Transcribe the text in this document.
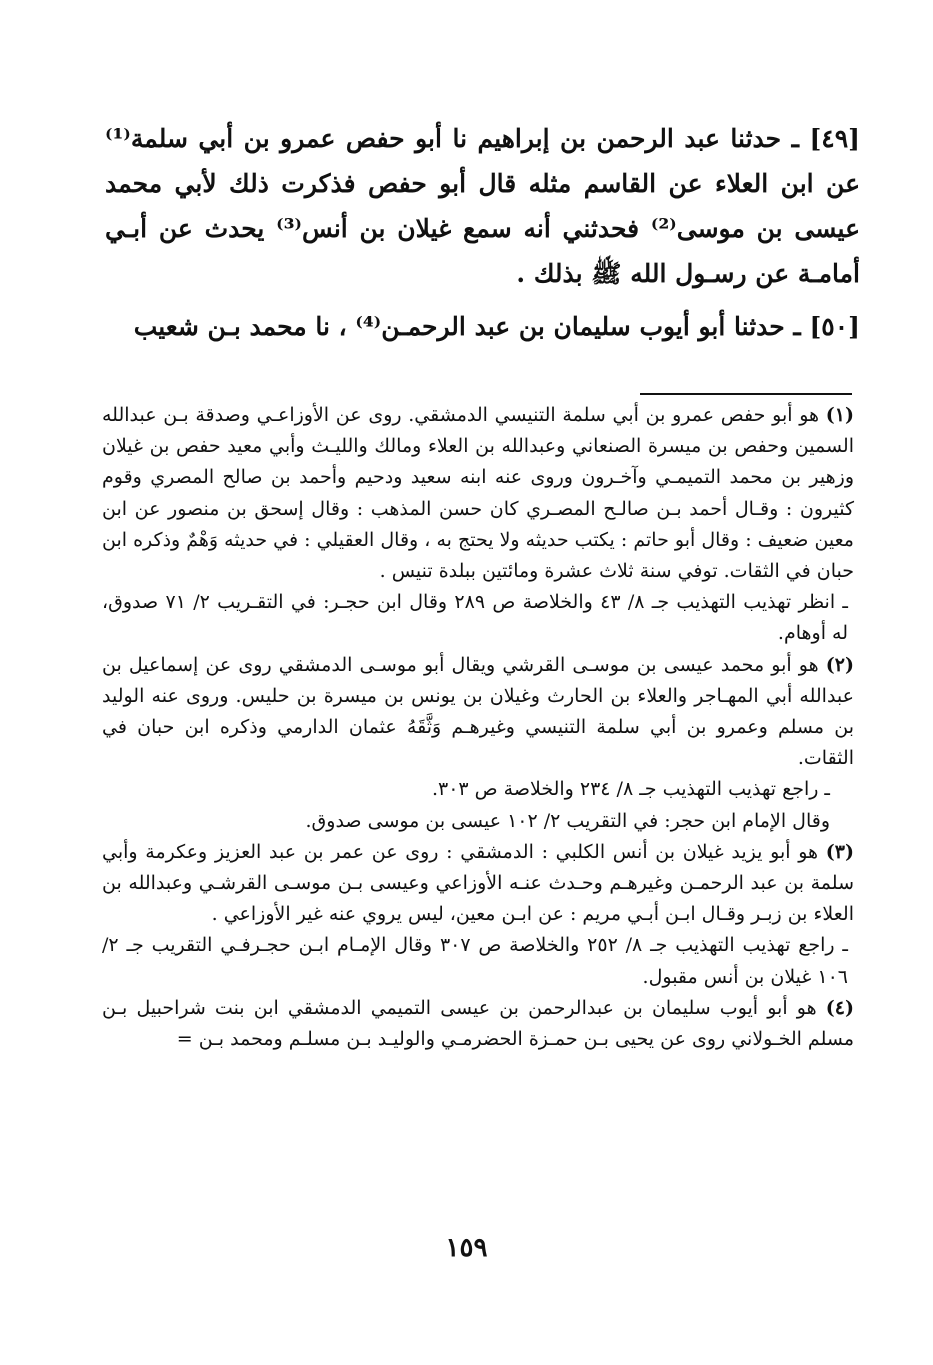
[٤٩] ـ حدثنا عبد الرحمن بن إبراهيم نا أبو حفص عمرو بن أبي سلمة⁽¹⁾ عن ابن العلاء عن القاسم مثله قال أبو حفص فذكرت ذلك لأبي محمد عيسى بن موسى⁽²⁾ فحدثني أنه سمع غيلان بن أنس⁽³⁾ يحدث عن أبـي أمامـة عن رسـول الله ﷺ بذلك .

[٥٠] ـ حدثنا أبو أيوب سليمان بن عبد الرحمـن⁽⁴⁾ ، نا محمد بـن شعيب

(١) هو أبو حفص عمرو بن أبي سلمة التنيسي الدمشقي. روى عن الأوزاعـي وصدقة بـن عبدالله السمين وحفص بن ميسرة الصنعاني وعبدالله بن العلاء ومالك والليـث وأبي معيد حفص بن غيلان وزهير بن محمد التميمـي وآخـرون وروى عنه ابنه سعيد ودحيم وأحمد بن صالح المصري وقوم كثيرون : وقـال أحمد بـن صالـح المصـري كان حسن المذهب : وقال إسحق بن منصور عن ابن معين ضعيف : وقال أبو حاتم : يكتب حديثه ولا يحتج به ، وقال العقيلي : في حديثه وَهْمٌ وذكره ابن حبان في الثقات. توفي سنة ثلاث عشرة ومائتين ببلدة تنيس .

ـ انظر تهذيب التهذيب جـ ٨/ ٤٣ والخلاصة ص ٢٨٩ وقال ابن حجـر: في التقـريب ٢/ ٧١ صدوق، له أوهام.

(٢) هو أبو محمد عيسى بن موسـى القرشي ويقال أبو موسـى الدمشقي روى عن إسماعيل بن عبدالله أبي المهـاجر والعلاء بن الحارث وغيلان بن يونس بن ميسرة بن حليس. وروى عنه الوليد بن مسلم وعمرو بن أبي سلمة التنيسي وغيرهـم وَثَّقَهُ عثمان الدارمي وذكره ابن حبان في الثقات.

ـ راجع تهذيب التهذيب جـ ٨/ ٢٣٤ والخلاصة ص ٣٠٣.

وقال الإمام ابن حجر: في التقريب ٢/ ١٠٢ عيسى بن موسى صدوق.

(٣) هو أبو يزيد غيلان بن أنس الكلبي : الدمشقي : روى عن عمر بن عبد العزيز وعكرمة وأبي سلمة بن عبد الرحمـن وغيرهـم وحـدث عنـه الأوزاعي وعيسى بـن موسـى القرشـي وعبدالله بن العلاء بن زبـر وقـال ابـن أبـي مريم : عن ابـن معين، ليس يروي عنه غير الأوزاعي .

ـ راجع تهذيب التهذيب جـ ٨/ ٢٥٢ والخلاصة ص ٣٠٧ وقال الإمـام ابـن حجـرفـي التقريب جـ ٢/ ١٠٦ غيلان بن أنس مقبول.

(٤) هو أبو أيوب سليمان بن عبدالرحمن بن عيسى التميمي الدمشقي ابن بنت شراحبيل بـن مسلم الخـولاني روى عن يحيى بـن حمـزة الحضرمـي والوليـد بـن مسلـم ومحمد بـن =

١٥٩
